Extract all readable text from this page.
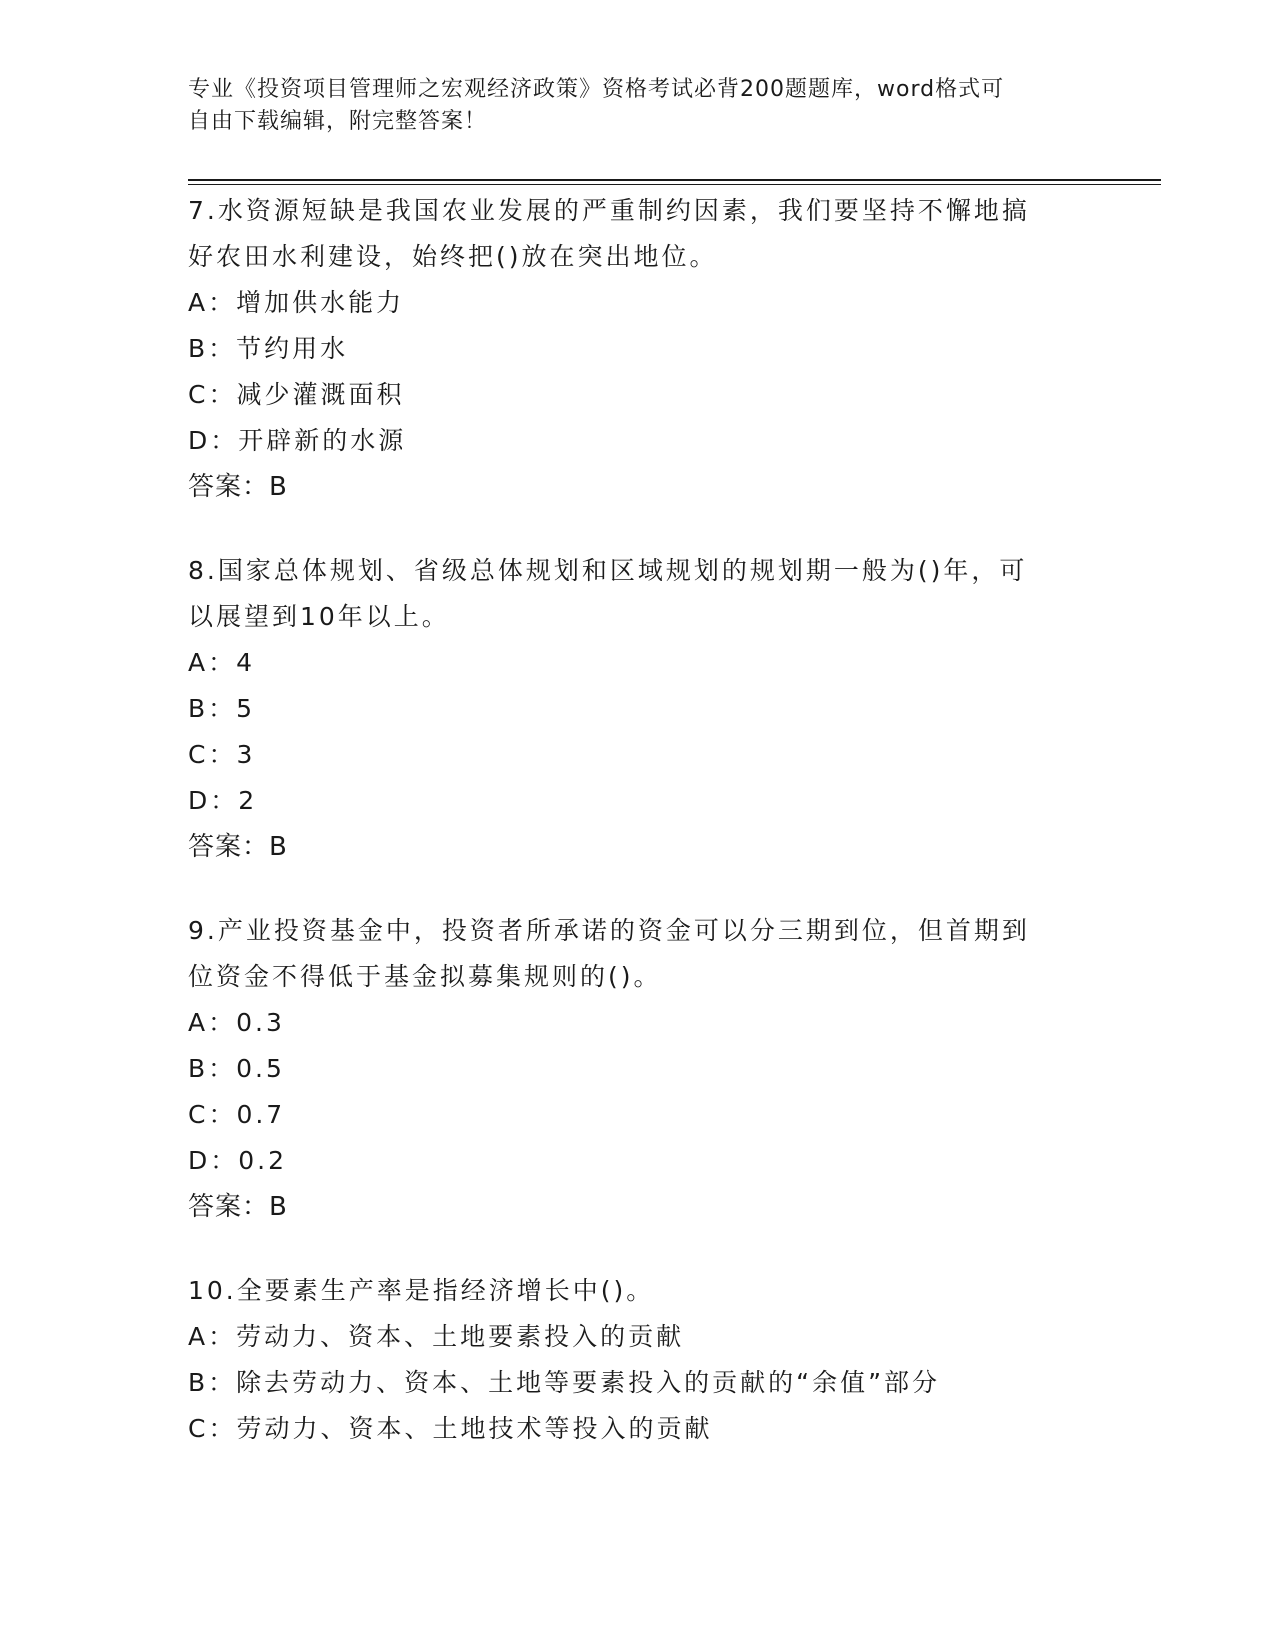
专业《投资项目管理师之宏观经济政策》资格考试必背200题题库，word格式可
自由下载编辑，附完整答案！

7.水资源短缺是我国农业发展的严重制约因素，我们要坚持不懈地搞

好农田水利建设，始终把()放在突出地位。

A：增加供水能力

B：节约用水

C：减少灌溉面积

D：开辟新的水源

答案：B

8.国家总体规划、省级总体规划和区域规划的规划期一般为()年，可

以展望到10年以上。

A：4

B：5

C：3

D：2

答案：B

9.产业投资基金中，投资者所承诺的资金可以分三期到位，但首期到

位资金不得低于基金拟募集规则的()。

A：0.3

B：0.5

C：0.7

D：0.2

答案：B

10.全要素生产率是指经济增长中()。

A：劳动力、资本、土地要素投入的贡献

B：除去劳动力、资本、土地等要素投入的贡献的“余值”部分

C：劳动力、资本、土地技术等投入的贡献
